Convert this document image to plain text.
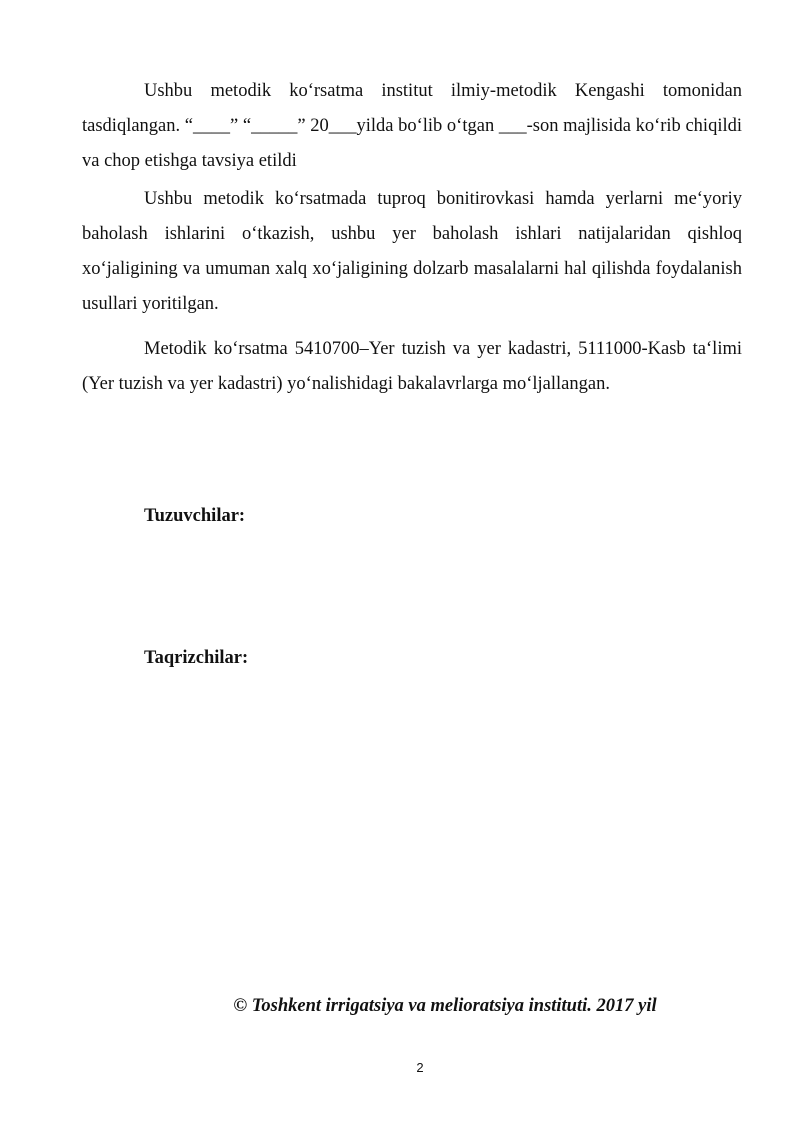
Ushbu metodik koʻrsatma institut ilmiy-metodik Kengashi tomonidan tasdiqlangan. “____” “_____” 20___yilda boʻlib oʻtgan ___-son majlisida koʻrib chiqildi va chop etishga tavsiya etildi

Ushbu metodik koʻrsatmada tuproq bonitirovkasi hamda yerlarni meʻyoriy baholash ishlarini oʻtkazish, ushbu yer baholash ishlari natijalaridan qishloq xoʻjaligining va umuman xalq xoʻjaligining dolzarb masalalarni hal qilishda foydalanish usullari yoritilgan.

Metodik koʻrsatma 5410700–Yer tuzish va yer kadastri, 5111000-Kasb taʻlimi (Yer tuzish va yer kadastri) yoʻnalishidagi bakalavrlarga moʻljallangan.

Tuzuvchilar:

Taqrizchilar:

© Toshkent irrigatsiya va melioratsiya instituti. 2017 yil

2
